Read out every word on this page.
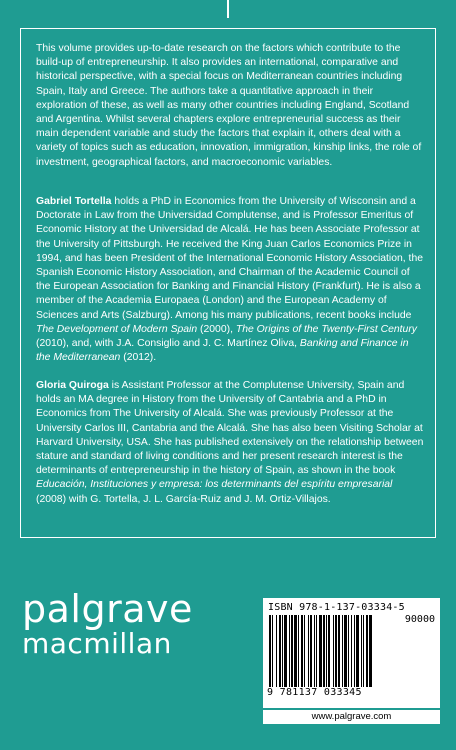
This volume provides up-to-date research on the factors which contribute to the build-up of entrepreneurship. It also provides an international, comparative and historical perspective, with a special focus on Mediterranean countries including Spain, Italy and Greece. The authors take a quantitative approach in their exploration of these, as well as many other countries including England, Scotland and Argentina. Whilst several chapters explore entrepreneurial success as their main dependent variable and study the factors that explain it, others deal with a variety of topics such as education, innovation, immigration, kinship links, the role of investment, geographical factors, and macroeconomic variables.

Gabriel Tortella holds a PhD in Economics from the University of Wisconsin and a Doctorate in Law from the Universidad Complutense, and is Professor Emeritus of Economic History at the Universidad de Alcalá. He has been Associate Professor at the University of Pittsburgh. He received the King Juan Carlos Economics Prize in 1994, and has been President of the International Economic History Association, the Spanish Economic History Association, and Chairman of the Academic Council of the European Association for Banking and Financial History (Frankfurt). He is also a member of the Academia Europaea (London) and the European Academy of Sciences and Arts (Salzburg). Among his many publications, recent books include The Development of Modern Spain (2000), The Origins of the Twenty-First Century (2010), and, with J.A. Consiglio and J. C. Martínez Oliva, Banking and Finance in the Mediterranean (2012).

Gloria Quiroga is Assistant Professor at the Complutense University, Spain and holds an MA degree in History from the University of Cantabria and a PhD in Economics from The University of Alcalá. She was previously Professor at the University Carlos III, Cantabria and the Alcalá. She has also been Visiting Scholar at Harvard University, USA. She has published extensively on the relationship between stature and standard of living conditions and her present research interest is the determinants of entrepreneurship in the history of Spain, as shown in the book Educación, Instituciones y empresa: los determinants del espíritu empresarial (2008) with G. Tortella, J. L. García-Ruiz and J. M. Ortiz-Villajos.

palgrave
macmillan
ISBN 978-1-137-03334-5
90000
9 781137 033345
www.palgrave.com
